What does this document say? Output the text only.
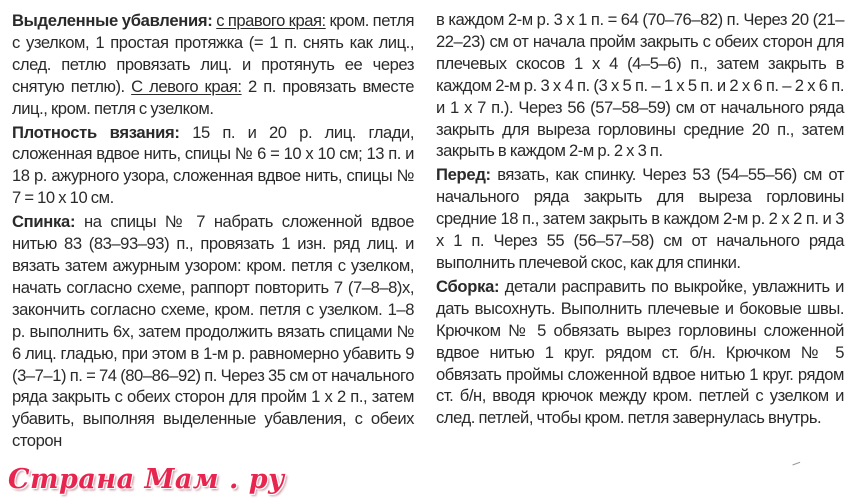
Выделенные убавления: с правого края: кром. петля с узелком, 1 простая протяжка (= 1 п. снять как лиц., след. петлю провязать лиц. и протянуть ее через снятую петлю). С левого края: 2 п. провязать вместе лиц., кром. петля с узелком.

Плотность вязания: 15 п. и 20 р. лиц. глади, сложенная вдвое нить, спицы № 6 = 10 х 10 см; 13 п. и 18 р. ажурного узора, сложенная вдвое нить, спицы № 7 = 10 х 10 см.

Спинка: на спицы № 7 набрать сложенной вдвое нитью 83 (83–93–93) п., провязать 1 изн. ряд лиц. и вязать затем ажурным узором: кром. петля с узелком, начать согласно схеме, раппорт повторить 7 (7–8–8)х, закончить согласно схеме, кром. петля с узелком. 1–8 р. выполнить 6х, затем продолжить вязать спицами № 6 лиц. гладью, при этом в 1-м р. равномерно убавить 9 (3–7–1) п. = 74 (80–86–92) п. Через 35 см от начального ряда закрыть с обеих сторон для пройм 1 х 2 п., затем убавить, выполняя выделенные убавления, с обеих сторон

в каждом 2-м р. 3 х 1 п. = 64 (70–76–82) п. Через 20 (21–22–23) см от начала пройм закрыть с обеих сторон для плечевых скосов 1 х 4 (4–5–6) п., затем закрыть в каждом 2-м р. 3 х 4 п. (3 х 5 п. – 1 х 5 п. и 2 х 6 п. – 2 х 6 п. и 1 х 7 п.). Через 56 (57–58–59) см от начального ряда закрыть для выреза горловины средние 20 п., затем закрыть в каждом 2-м р. 2 х 3 п.

Перед: вязать, как спинку. Через 53 (54–55–56) см от начального ряда закрыть для выреза горловины средние 18 п., затем закрыть в каждом 2-м р. 2 х 2 п. и 3 х 1 п. Через 55 (56–57–58) см от начального ряда выполнить плечевой скос, как для спинки.

Сборка: детали расправить по выкройке, увлажнить и дать высохнуть. Выполнить плечевые и боковые швы. Крючком № 5 обвязать вырез горловины сложенной вдвое нитью 1 круг. рядом ст. б/н. Крючком № 5 обвязать проймы сложенной вдвое нитью 1 круг. рядом ст. б/н, вводя крючок между кром. петлей с узелком и след. петлей, чтобы кром. петля завернулась внутрь.

Страна Мам . ру
